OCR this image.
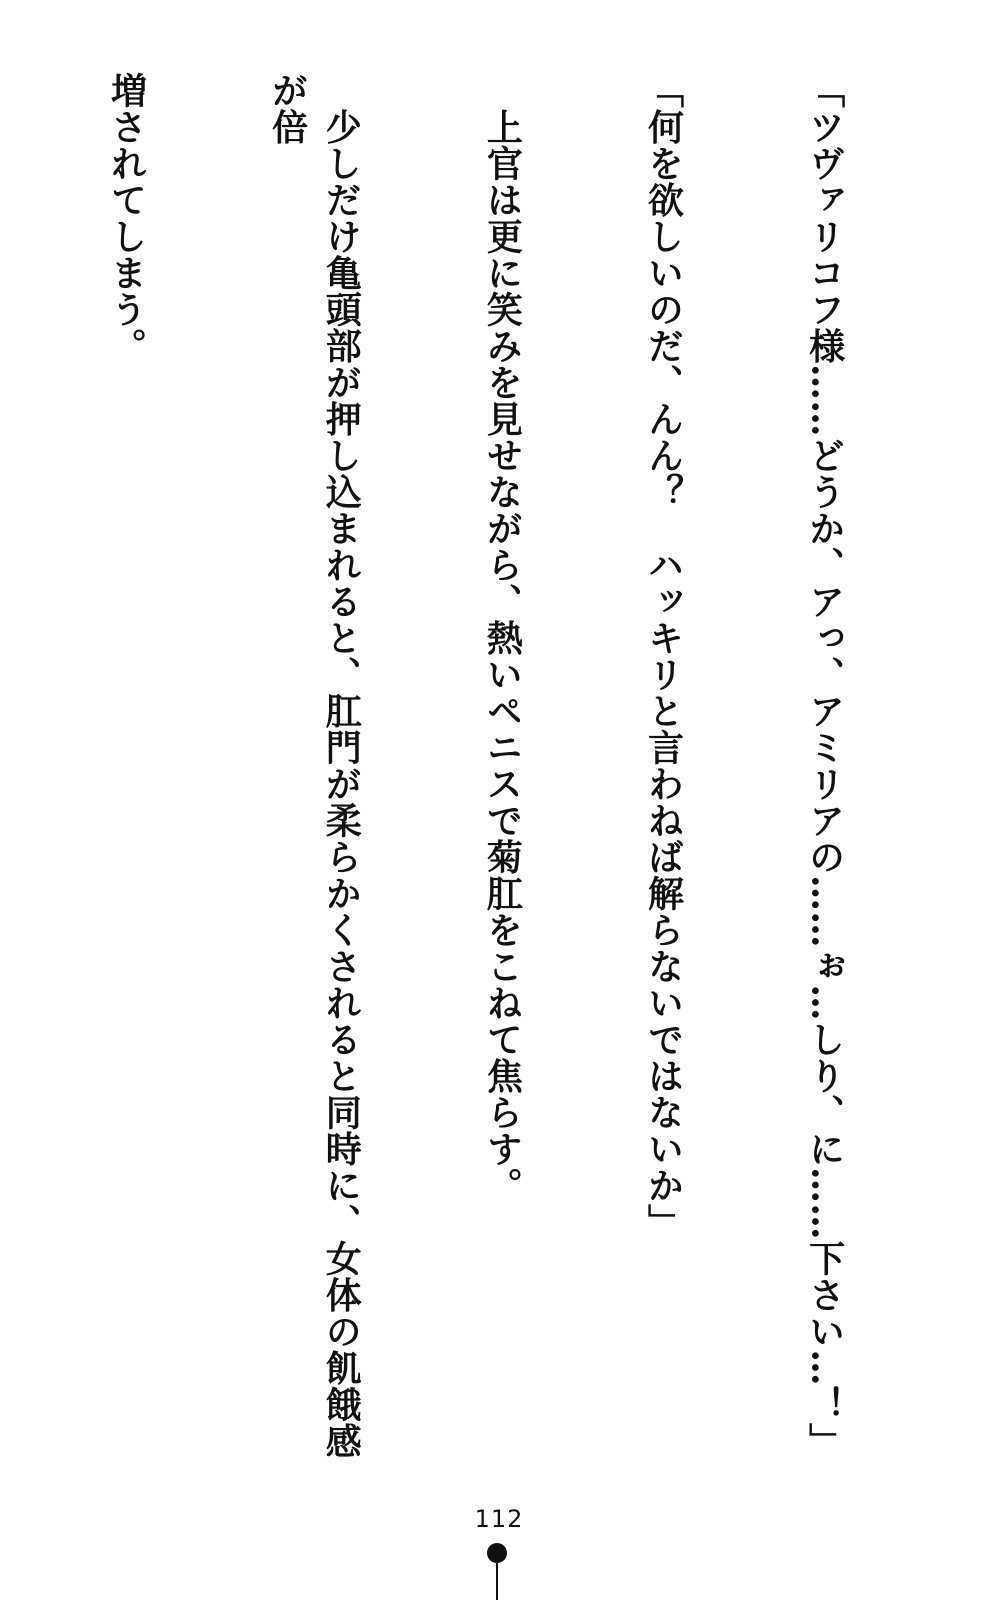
「ツヴァリコフ様……どうか、アっ、アミリアの……ぉ…しり、に……下さい…！」

「何を欲しいのだ、んん？　ハッキリと言わねば解らないではないか」

　上官は更に笑みを見せながら、熱いペニスで菊肛をこねて焦らす。

　少しだけ亀頭部が押し込まれると、肛門が柔らかくされると同時に、女体の飢餓感が倍

増されてしまう。

112
